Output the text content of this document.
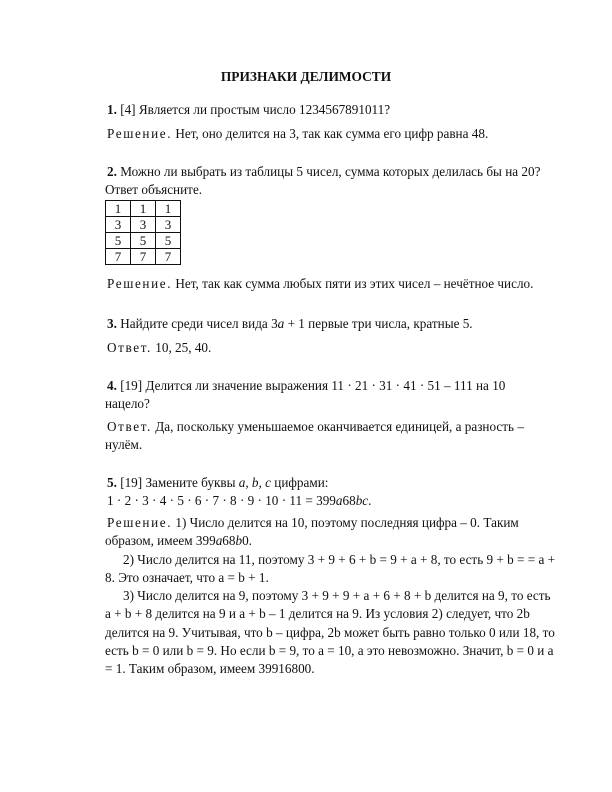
ПРИЗНАКИ ДЕЛИМОСТИ

1. [4] Является ли простым число 1234567891011?

Решение. Нет, оно делится на 3, так как сумма его цифр равна 48.

2. Можно ли выбрать из таблицы 5 чисел, сумма которых делилась бы на 20?

Ответ объясните.

1	1	1
3	3	3
5	5	5
7	7	7

Решение. Нет, так как сумма любых пяти из этих чисел – нечётное число.

3. Найдите среди чисел вида 3a + 1 первые три числа, кратные 5.

Ответ. 10, 25, 40.

4. [19] Делится ли значение выражения 11 · 21 · 31 · 41 · 51 – 111 на 10

нацело?

Ответ. Да, поскольку уменьшаемое оканчивается единицей, а разность –

нулём.

5. [19] Замените буквы a, b, c цифрами:

1 · 2 · 3 · 4 · 5 · 6 · 7 · 8 · 9 · 10 · 11 = 399a68bc.

Решение. 1) Число делится на 10, поэтому последняя цифра – 0. Таким

образом, имеем 399a68b0.

2) Число делится на 11, поэтому 3 + 9 + 6 + b = 9 + a + 8, то есть 9 + b = = a +

8. Это означает, что a = b + 1.

3) Число делится на 9, поэтому 3 + 9 + 9 + a + 6 + 8 + b делится на 9, то есть

a + b + 8 делится на 9 и a + b – 1 делится на 9. Из условия 2) следует, что 2b

делится на 9. Учитывая, что b – цифра, 2b может быть равно только 0 или 18, то

есть b = 0 или b = 9. Но если b = 9, то a = 10, а это невозможно. Значит, b = 0 и a

= 1. Таким образом, имеем 39916800.
